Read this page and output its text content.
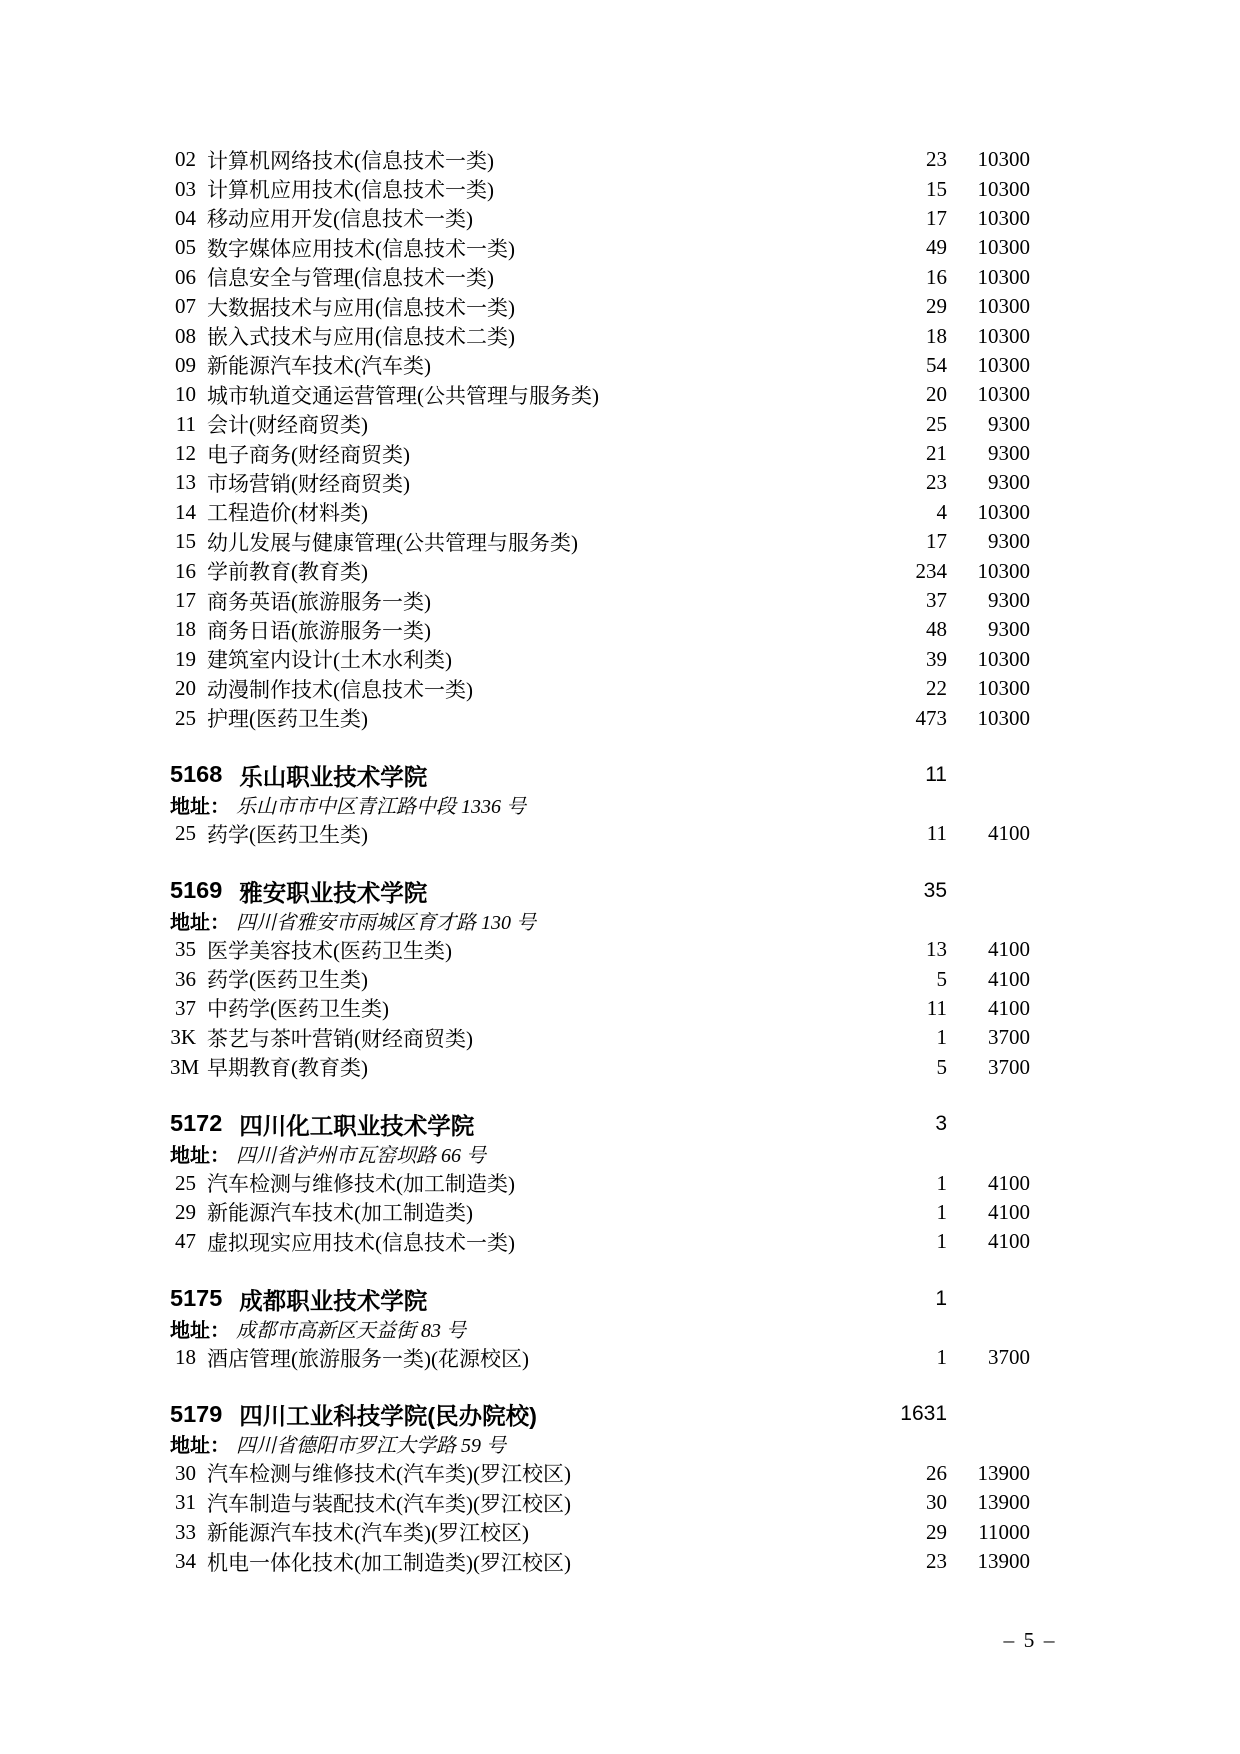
02 计算机网络技术(信息技术一类)	23	10300
03 计算机应用技术(信息技术一类)	15	10300
04 移动应用开发(信息技术一类)	17	10300
05 数字媒体应用技术(信息技术一类)	49	10300
06 信息安全与管理(信息技术一类)	16	10300
07 大数据技术与应用(信息技术一类)	29	10300
08 嵌入式技术与应用(信息技术二类)	18	10300
09 新能源汽车技术(汽车类)	54	10300
10 城市轨道交通运营管理(公共管理与服务类)	20	10300
11 会计(财经商贸类)	25	9300
12 电子商务(财经商贸类)	21	9300
13 市场营销(财经商贸类)	23	9300
14 工程造价(材料类)	4	10300
15 幼儿发展与健康管理(公共管理与服务类)	17	9300
16 学前教育(教育类)	234	10300
17 商务英语(旅游服务一类)	37	9300
18 商务日语(旅游服务一类)	48	9300
19 建筑室内设计(土木水利类)	39	10300
20 动漫制作技术(信息技术一类)	22	10300
25 护理(医药卫生类)	473	10300
5168 乐山职业技术学院	11
地址： 乐山市市中区青江路中段 1336 号
25 药学(医药卫生类)	11	4100
5169 雅安职业技术学院	35
地址： 四川省雅安市雨城区育才路 130 号
35 医学美容技术(医药卫生类)	13	4100
36 药学(医药卫生类)	5	4100
37 中药学(医药卫生类)	11	4100
3K 茶艺与茶叶营销(财经商贸类)	1	3700
3M 早期教育(教育类)	5	3700
5172 四川化工职业技术学院	3
地址： 四川省泸州市瓦窑坝路 66 号
25 汽车检测与维修技术(加工制造类)	1	4100
29 新能源汽车技术(加工制造类)	1	4100
47 虚拟现实应用技术(信息技术一类)	1	4100
5175 成都职业技术学院	1
地址： 成都市高新区天益街 83 号
18 酒店管理(旅游服务一类)(花源校区)	1	3700
5179 四川工业科技学院(民办院校)	1631
地址： 四川省德阳市罗江大学路 59 号
30 汽车检测与维修技术(汽车类)(罗江校区)	26	13900
31 汽车制造与装配技术(汽车类)(罗江校区)	30	13900
33 新能源汽车技术(汽车类)(罗江校区)	29	11000
34 机电一体化技术(加工制造类)(罗江校区)	23	13900
– 5 –
